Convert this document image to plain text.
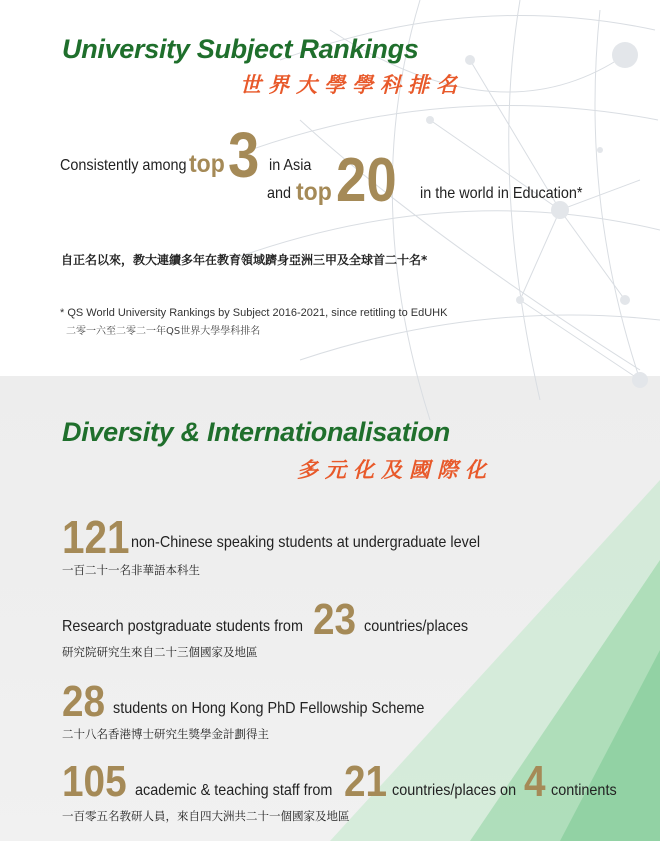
University Subject Rankings
世界大學學科排名
Consistently among top 3 in Asia
and top 20 in the world in Education*
自正名以來，教大連續多年在教育領域躋身亞洲三甲及全球首二十名*
* QS World University Rankings by Subject 2016-2021, since retitling to EdUHK
二零一六至二零二一年QS世界大學學科排名
Diversity & Internationalisation
多元化及國際化
121 non-Chinese speaking students at undergraduate level
一百二十一名非華語本科生
Research postgraduate students from 23 countries/places
研究院研究生來自二十三個國家及地區
28 students on Hong Kong PhD Fellowship Scheme
二十八名香港博士研究生獎學金計劃得主
105 academic & teaching staff from 21 countries/places on 4 continents
一百零五名教研人員，來自四大洲共二十一個國家及地區
